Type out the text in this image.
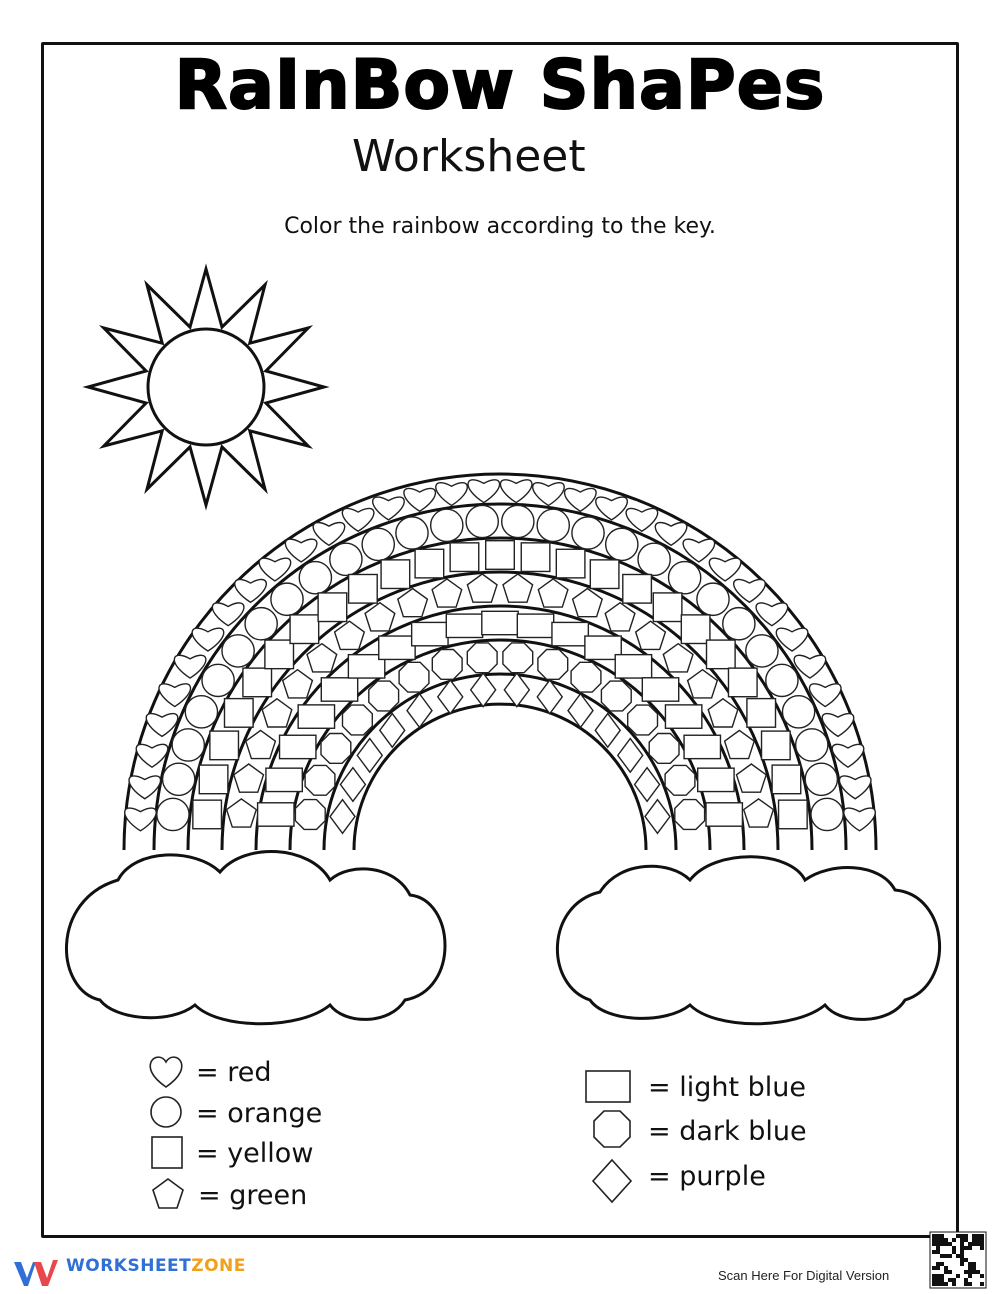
RaInBow ShaPes
Worksheet
Color the rainbow according to the key.
= red
= orange
= yellow
= green
= light blue
= dark blue
= purple
WORKSHEETZONE	Scan Here For Digital Version
